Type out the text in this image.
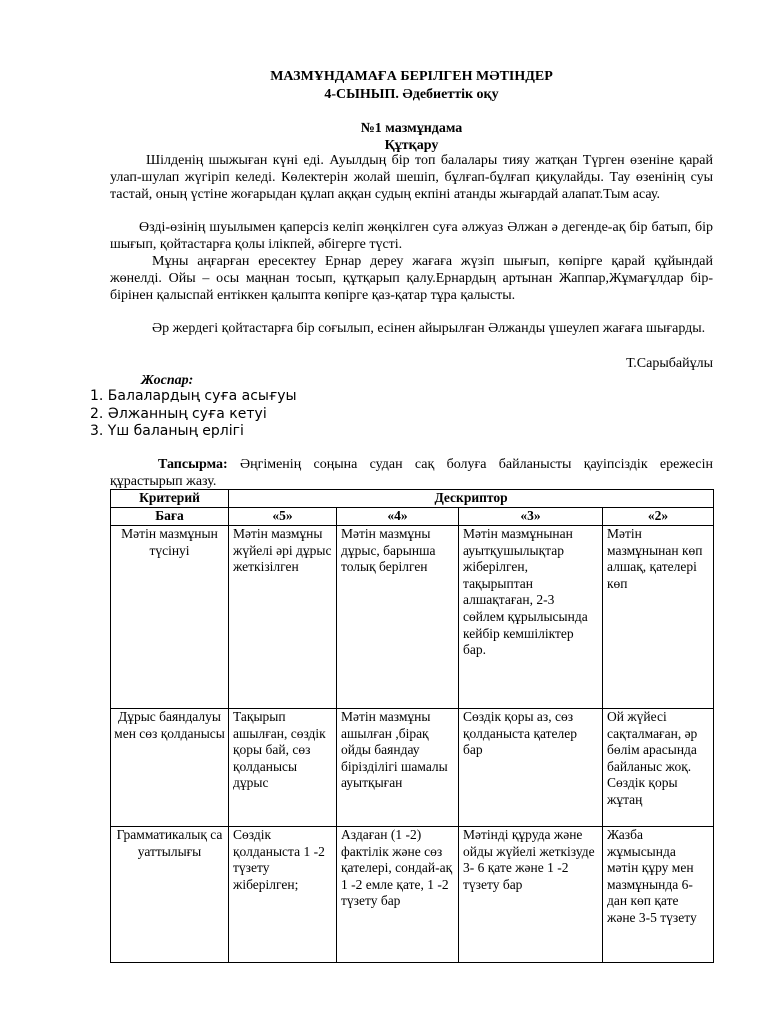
МАЗМҰНДАМАҒА БЕРІЛГЕН МӘТІНДЕР
4-СЫНЫП. Әдебиеттік оқу
№1 мазмұндама
Құтқару

Шілденің шыжыған күні еді. Ауылдың бір топ балалары тияу жатқан Түрген өзеніне қарай улап-шулап жүгіріп келеді. Көлектерін жолай шешіп, бұлғап-бұлғап қиқулайды. Тау өзенінің суы тастай, оның үстіне жоғарыдан құлап аққан судың екпіні атанды жығардай алапат.Тым асау.

Өзді-өзінің шуылымен қаперсіз келіп жөңкілген суға әлжуаз Әлжан ә дегенде-ақ бір батып, бір шығып, қойтастарға қолы ілікпей, әбігерге түсті.

Мұны аңғарған ересектеу Ернар дереу жағаға жүзіп шығып, көпірге қарай құйындай жөнелді. Ойы – осы маңнан тосып, құтқарып қалу.Ернардың артынан Жаппар,Жұмағұлдар бір-бірінен қалыспай ентіккен қалыпта көпірге қаз-қатар тұра қалысты.

Әр жердегі қойтастарға бір соғылып, есінен айырылған Әлжанды үшеулеп жағаға шығарды.

Т.Сарыбайұлы
Жоспар:
1. Балалардың суға асығуы
2. Әлжанның суға кетуі
3. Үш баланың ерлігі

Тапсырма: Әңгіменің соңына судан сақ болуға байланысты қауіпсіздік ережесін құрастырып жазу.

Критерий	Дескриптор			
Баға	«5»	«4»	«3»	«2»
Мәтін мазмұнын түсінуі	Мәтін мазмұны жүйелі әрі дұрыс жеткізілген	Мәтін мазмұны дұрыс, барынша толық берілген	Мәтін мазмұнынан ауытқушылықтар жіберілген, тақырыптан алшақтаған, 2-3 сөйлем құрылысында кейбір кемшіліктер бар.	Мәтін мазмұнынан көп алшақ, қателері көп
Дұрыс баяндалуы мен сөз қолданысы	Тақырып ашылған, сөздік қоры бай, сөз қолданысы дұрыс	Мәтін мазмұны ашылған ,бірақ ойды баяндау біріздiлігі шамалы ауытқыған	Сөздік қоры аз, сөз қолданыста қателер бар	Ой жүйесі сақталмаған, әр бөлім арасында байланыс жоқ. Сөздік қоры жұтаң
Грамматикалық сауаттылығы	Сөздік қолданыста 1 -2 түзету жіберілген;	Аздаған (1 -2) фактілік және сөз қателері, сондай-ақ 1 -2 емле қате, 1 -2 түзету бар	Мәтінді құруда және ойды жүйелі жеткізуде 3- 6 қате және 1 -2 түзету бар	Жазба жұмысында мәтін құру мен мазмұнында 6-дан көп қате және 3-5 түзету
